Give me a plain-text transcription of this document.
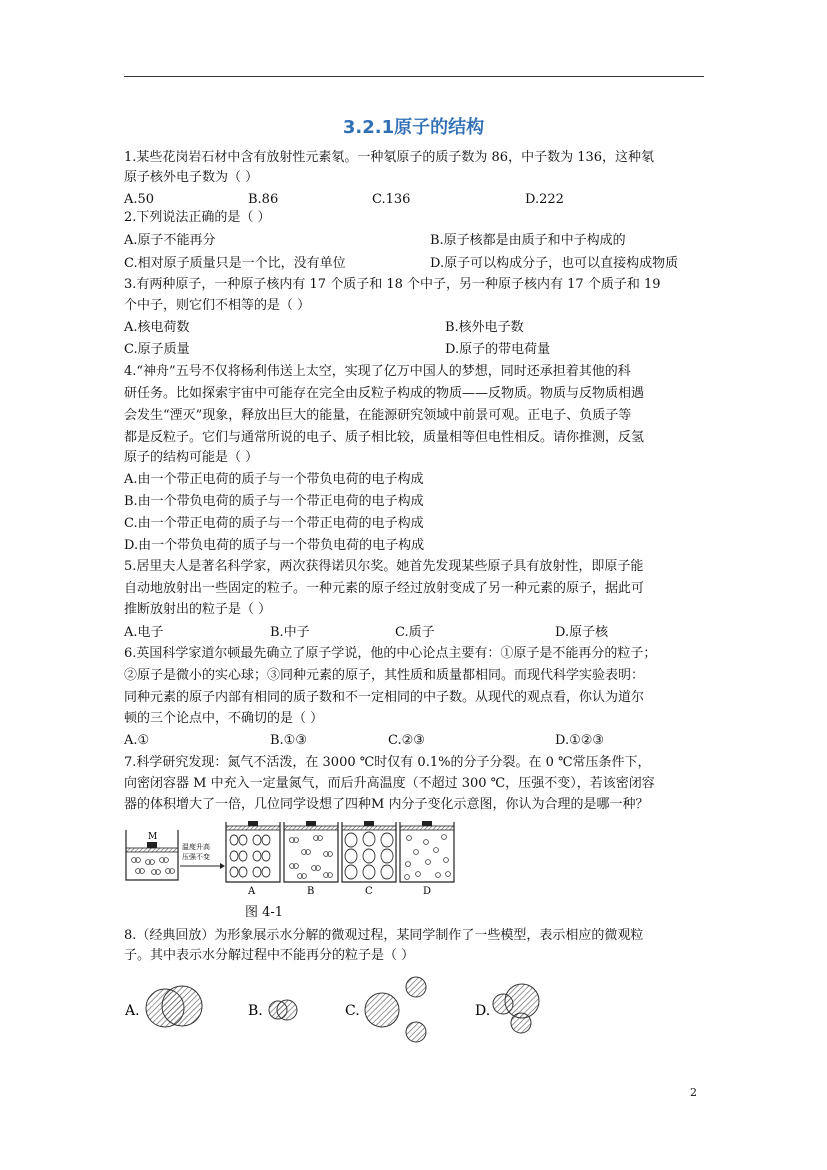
3.2.1原子的结构
1.某些花岗岩石材中含有放射性元素氡。一种氡原子的质子数为 86，中子数为 136，这种氡
原子核外电子数为（ ）
A.50	B.86	C.136	D.222
2.下列说法正确的是（ ）
A.原子不能再分	B.原子核都是由质子和中子构成的
C.相对原子质量只是一个比，没有单位	D.原子可以构成分子，也可以直接构成物质
3.有两种原子，一种原子核内有 17 个质子和 18 个中子，另一种原子核内有 17 个质子和 19
个中子，则它们不相等的是（ ）
A.核电荷数	B.核外电子数
C.原子质量	D.原子的带电荷量
4.“神舟”五号不仅将杨利伟送上太空，实现了亿万中国人的梦想，同时还承担着其他的科
研任务。比如探索宇宙中可能存在完全由反粒子构成的物质——反物质。物质与反物质相遇
会发生“湮灭”现象，释放出巨大的能量，在能源研究领域中前景可观。正电子、负质子等
都是反粒子。它们与通常所说的电子、质子相比较，质量相等但电性相反。请你推测，反氢
原子的结构可能是（ ）
A.由一个带正电荷的质子与一个带负电荷的电子构成
B.由一个带负电荷的质子与一个带正电荷的电子构成
C.由一个带正电荷的质子与一个带正电荷的电子构成
D.由一个带负电荷的质子与一个带负电荷的电子构成
5.居里夫人是著名科学家，两次获得诺贝尔奖。她首先发现某些原子具有放射性，即原子能
自动地放射出一些固定的粒子。一种元素的原子经过放射变成了另一种元素的原子，据此可
推断放射出的粒子是（ ）
A.电子	B.中子	C.质子	D.原子核
6.英国科学家道尔顿最先确立了原子学说，他的中心论点主要有：①原子是不能再分的粒子；
②原子是微小的实心球；③同种元素的原子，其性质和质量都相同。而现代科学实验表明：
同种元素的原子内部有相同的质子数和不一定相同的中子数。从现代的观点看，你认为道尔
顿的三个论点中，不确切的是（ ）
A.①	B.①③	C.②③	D.①②③
7.科学研究发现：氮气不活泼，在 3000 ℃时仅有 0.1%的分子分裂。在 0 ℃常压条件下，
向密闭容器 M 中充入一定量氮气，而后升高温度（不超过 300 ℃，压强不变），若该密闭容
器的体积增大了一倍，几位同学设想了四种M 内分子变化示意图，你认为合理的是哪一种？
M
温度升高
压强不变
A	B	C	D
图 4-1
8.（经典回放）为形象展示水分解的微观过程，某同学制作了一些模型，表示相应的微观粒
子。其中表示水分解过程中不能再分的粒子是（ ）
A.	B.	C.	D.
2
